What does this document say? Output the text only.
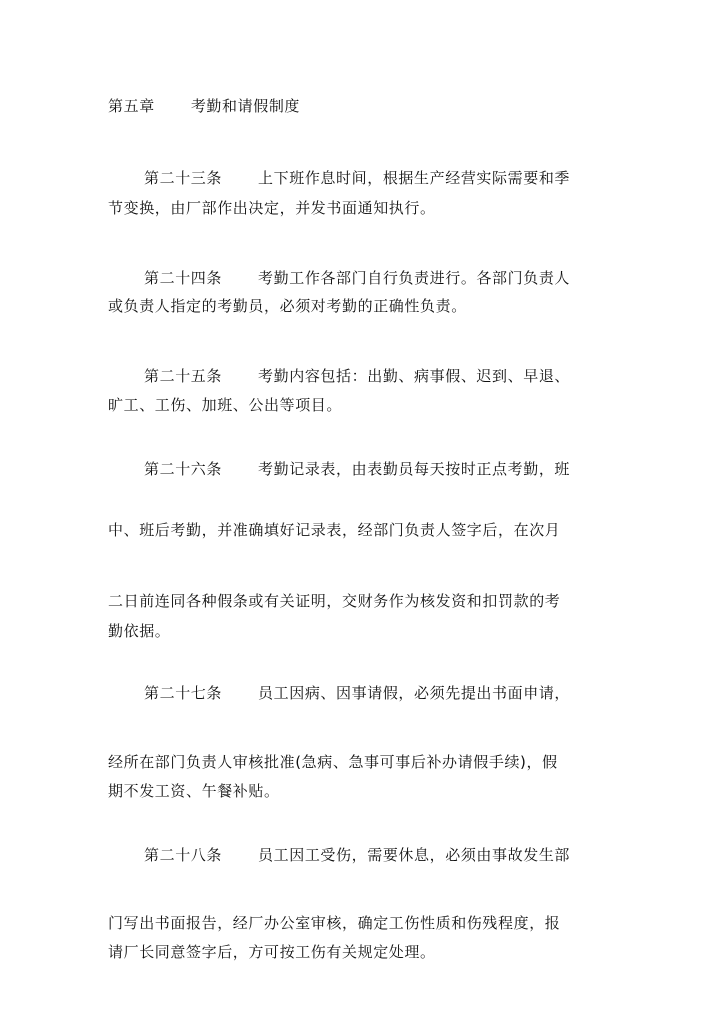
第五章 考勤和请假制度
第二十三条 上下班作息时间，根据生产经营实际需要和季
节变换，由厂部作出决定，并发书面通知执行。
第二十四条 考勤工作各部门自行负责进行。各部门负责人
或负责人指定的考勤员，必须对考勤的正确性负责。
第二十五条 考勤内容包括：出勤、病事假、迟到、早退、
旷工、工伤、加班、公出等项目。
第二十六条 考勤记录表，由表勤员每天按时正点考勤，班
中、班后考勤，并准确填好记录表，经部门负责人签字后，在次月
二日前连同各种假条或有关证明，交财务作为核发资和扣罚款的考
勤依据。
第二十七条 员工因病、因事请假，必须先提出书面申请，
经所在部门负责人审核批准(急病、急事可事后补办请假手续)，假
期不发工资、午餐补贴。
第二十八条 员工因工受伤，需要休息，必须由事故发生部
门写出书面报告，经厂办公室审核，确定工伤性质和伤残程度，报
请厂长同意签字后，方可按工伤有关规定处理。
